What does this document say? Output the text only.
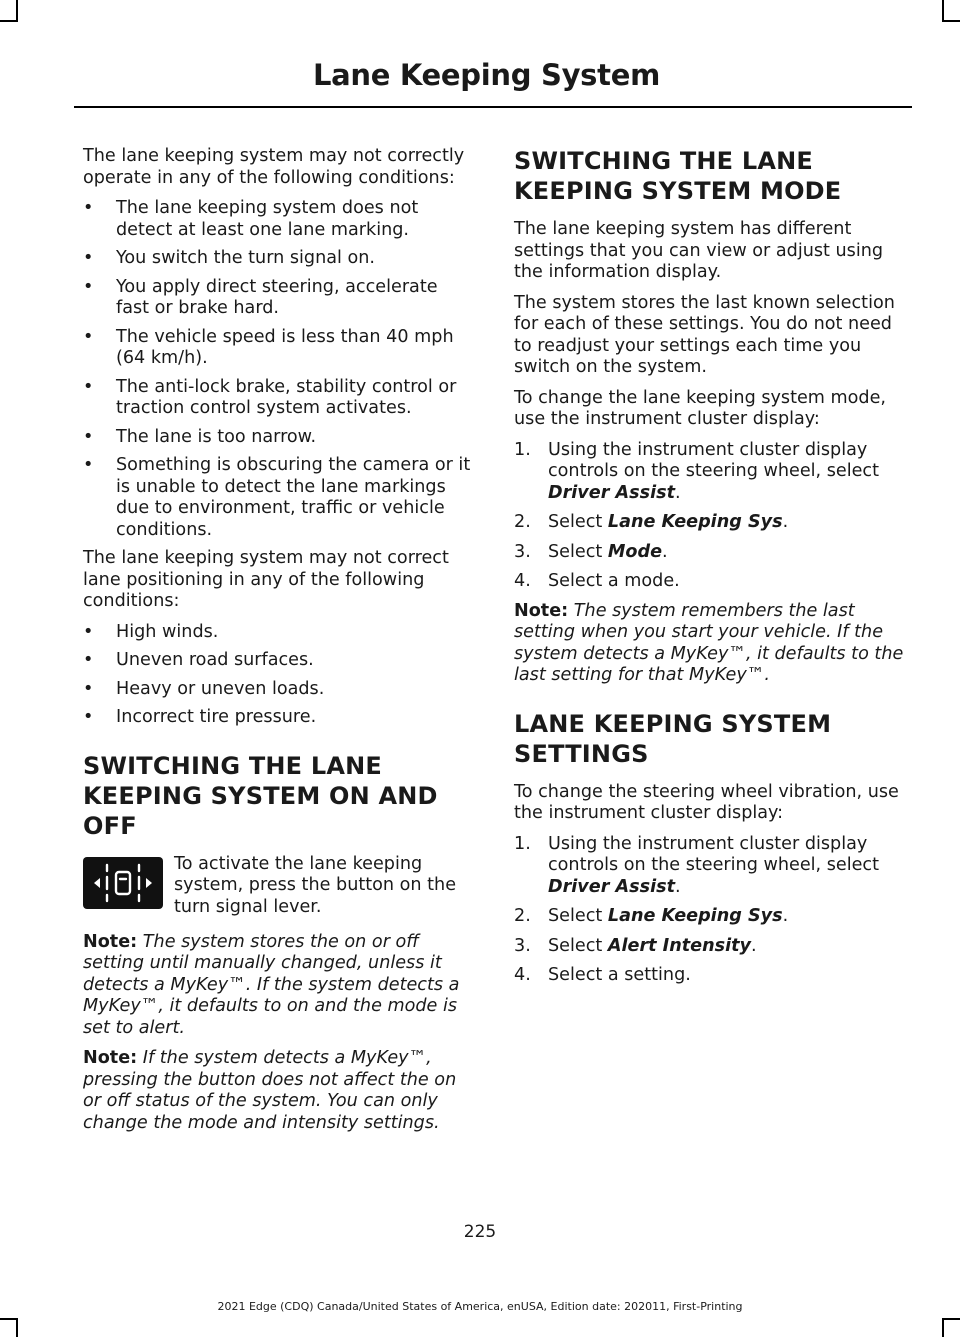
Lane Keeping System

The lane keeping system may not correctly operate in any of the following conditions:

• The lane keeping system does not detect at least one lane marking.
• You switch the turn signal on.
• You apply direct steering, accelerate fast or brake hard.
• The vehicle speed is less than 40 mph (64 km/h).
• The anti-lock brake, stability control or traction control system activates.
• The lane is too narrow.
• Something is obscuring the camera or it is unable to detect the lane markings due to environment, traffic or vehicle conditions.

The lane keeping system may not correct lane positioning in any of the following conditions:

• High winds.
• Uneven road surfaces.
• Heavy or uneven loads.
• Incorrect tire pressure.
SWITCHING THE LANE KEEPING SYSTEM ON AND OFF
To activate the lane keeping system, press the button on the turn signal lever.

Note: The system stores the on or off setting until manually changed, unless it detects a MyKey™. If the system detects a MyKey™, it defaults to on and the mode is set to alert.

Note: If the system detects a MyKey™, pressing the button does not affect the on or off status of the system. You can only change the mode and intensity settings.

SWITCHING THE LANE KEEPING SYSTEM MODE

The lane keeping system has different settings that you can view or adjust using the information display.

The system stores the last known selection for each of these settings. You do not need to readjust your settings each time you switch on the system.

To change the lane keeping system mode, use the instrument cluster display:

1. Using the instrument cluster display controls on the steering wheel, select Driver Assist.
2. Select Lane Keeping Sys.
3. Select Mode.
4. Select a mode.

Note: The system remembers the last setting when you start your vehicle. If the system detects a MyKey™, it defaults to the last setting for that MyKey™.

LANE KEEPING SYSTEM SETTINGS

To change the steering wheel vibration, use the instrument cluster display:

1. Using the instrument cluster display controls on the steering wheel, select Driver Assist.
2. Select Lane Keeping Sys.
3. Select Alert Intensity.
4. Select a setting.
225
2021 Edge (CDQ) Canada/United States of America, enUSA, Edition date: 202011, First-Printing
